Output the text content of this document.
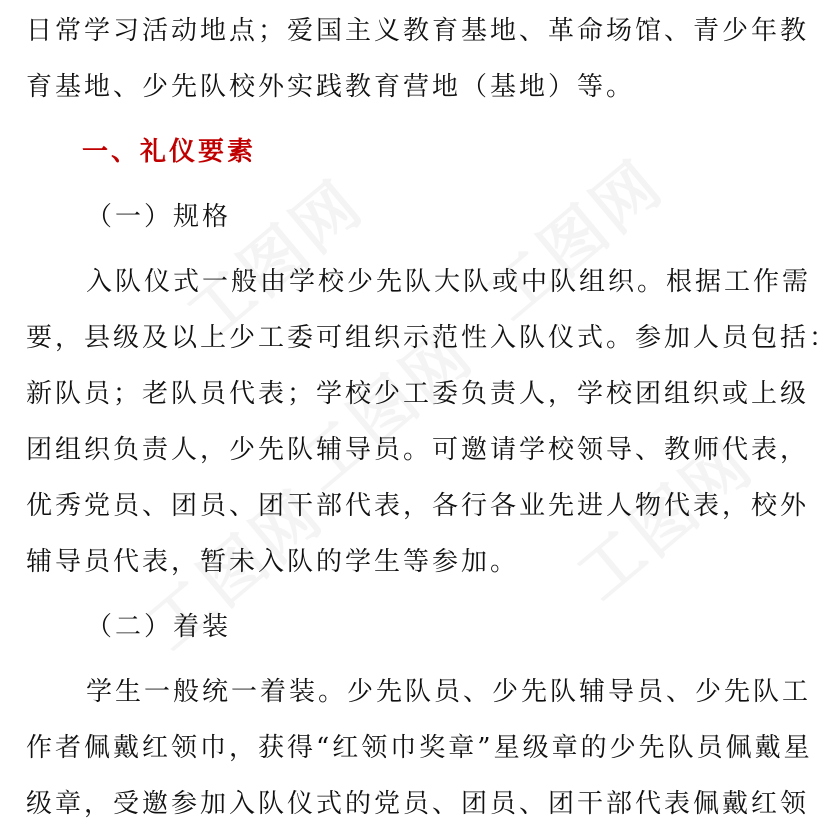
日常学习活动地点；爱国主义教育基地、革命场馆、青少年教
育基地、少先队校外实践教育营地（基地）等。
一、礼仪要素
（一）规格
入队仪式一般由学校少先队大队或中队组织。根据工作需
要，县级及以上少工委可组织示范性入队仪式。参加人员包括：
新队员；老队员代表；学校少工委负责人，学校团组织或上级
团组织负责人，少先队辅导员。可邀请学校领导、教师代表，
优秀党员、团员、团干部代表，各行各业先进人物代表，校外
辅导员代表，暂未入队的学生等参加。
（二）着装
学生一般统一着装。少先队员、少先队辅导员、少先队工
作者佩戴红领巾，获得“红领巾奖章”星级章的少先队员佩戴星
级章，受邀参加入队仪式的党员、团员、团干部代表佩戴红领
